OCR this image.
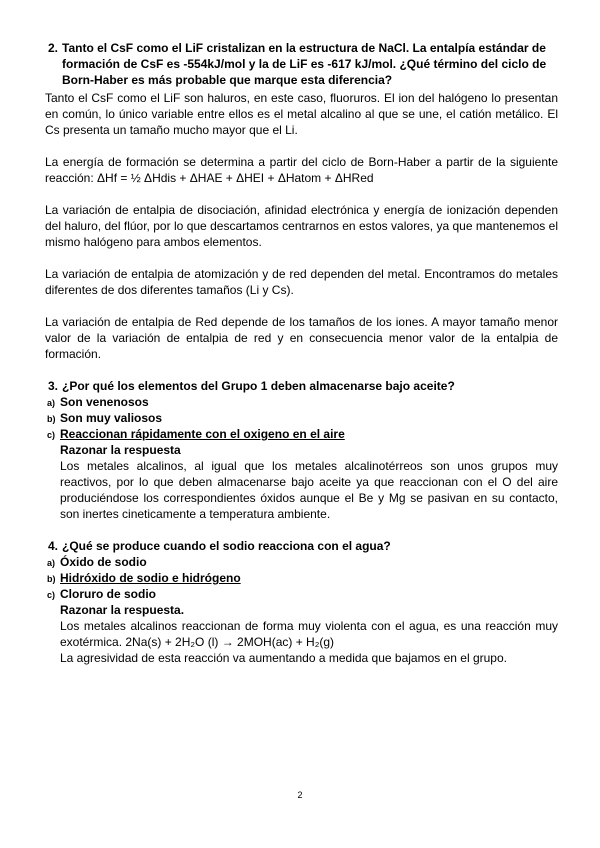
2. Tanto el CsF como el LiF cristalizan en la estructura de NaCl. La entalpía estándar de formación de CsF es -554kJ/mol y la de LiF es -617 kJ/mol. ¿Qué término del ciclo de Born-Haber es más probable que marque esta diferencia?
Tanto el CsF como el LiF son haluros, en este caso, fluoruros. El ion del halógeno lo presentan en común, lo único variable entre ellos es el metal alcalino al que se une, el catión metálico. El Cs presenta un tamaño mucho mayor que el Li.
La energía de formación se determina a partir del ciclo de Born-Haber a partir de la siguiente reacción: ΔHf = ½ ΔHdis + ΔHAE + ΔHEI + ΔHatom + ΔHRed
La variación de entalpia de disociación, afinidad electrónica y energía de ionización dependen del haluro, del flúor, por lo que descartamos centrarnos en estos valores, ya que mantenemos el mismo halógeno para ambos elementos.
La variación de entalpia de atomización y de red dependen del metal. Encontramos do metales diferentes de dos diferentes tamaños (Li y Cs).
La variación de entalpia de Red depende de los tamaños de los iones. A mayor tamaño menor valor de la variación de entalpia de red y en consecuencia menor valor de la entalpia de formación.
3. ¿Por qué los elementos del Grupo 1 deben almacenarse bajo aceite?
a) Son venenosos
b) Son muy valiosos
c) Reaccionan rápidamente con el oxigeno en el aire
Razonar la respuesta
Los metales alcalinos, al igual que los metales alcalinotérreos son unos grupos muy reactivos, por lo que deben almacenarse bajo aceite ya que reaccionan con el O del aire produciéndose los correspondientes óxidos aunque el Be y Mg se pasivan en su contacto, son inertes cineticamente a temperatura ambiente.
4. ¿Qué se produce cuando el sodio reacciona con el agua?
a) Óxido de sodio
b) Hidróxido de sodio e hidrógeno
c) Cloruro de sodio
Razonar la respuesta.
Los metales alcalinos reaccionan de forma muy violenta con el agua, es una reacción muy exotérmica. 2Na(s) + 2H₂O (l) → 2MOH(ac) + H₂(g)
La agresividad de esta reacción va aumentando a medida que bajamos en el grupo.
2
